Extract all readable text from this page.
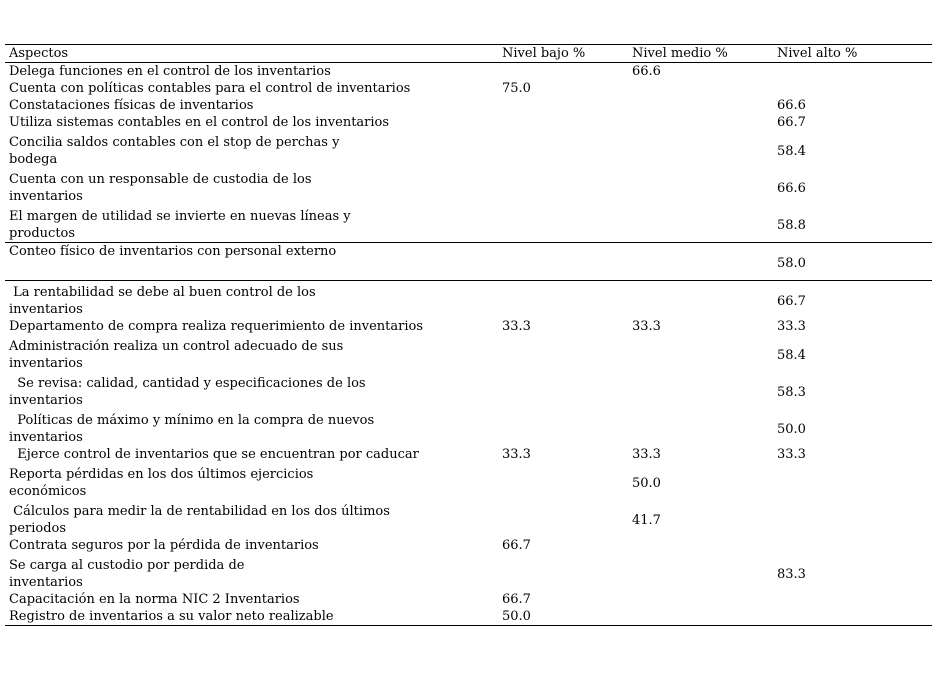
Aspectos	Nivel bajo %	Nivel medio %	Nivel alto %

Delega funciones en el control de los inventarios		66.6	

Cuenta con políticas contables para el control de inventarios	75.0		

Constataciones físicas de inventarios			66.6

Utiliza sistemas contables en el control de los inventarios			66.7

Concilia saldos contables con el stop de perchas y bodega			58.4

Cuenta con un responsable de custodia de los inventarios			66.6

El margen de utilidad se invierte en nuevas líneas y productos			58.8

Conteo físico de inventarios con personal externo			58.0

La rentabilidad se debe al buen control de los inventarios			66.7

Departamento de compra realiza requerimiento de inventarios	33.3	33.3	33.3

Administración realiza un control adecuado de sus inventarios			58.4

Se revisa: calidad, cantidad y especificaciones de los inventarios			58.3

Políticas de máximo y mínimo en la compra de nuevos inventarios			50.0

Ejerce control de inventarios que se encuentran por caducar	33.3	33.3	33.3

Reporta pérdidas en los dos últimos ejercicios económicos		50.0	

Cálculos para medir la de rentabilidad en los dos últimos periodos		41.7	

Contrata seguros por la pérdida de inventarios	66.7		

Se carga al custodio por perdida de inventarios			83.3

Capacitación en la norma NIC 2 Inventarios	66.7		

Registro de inventarios a su valor neto realizable	50.0		
